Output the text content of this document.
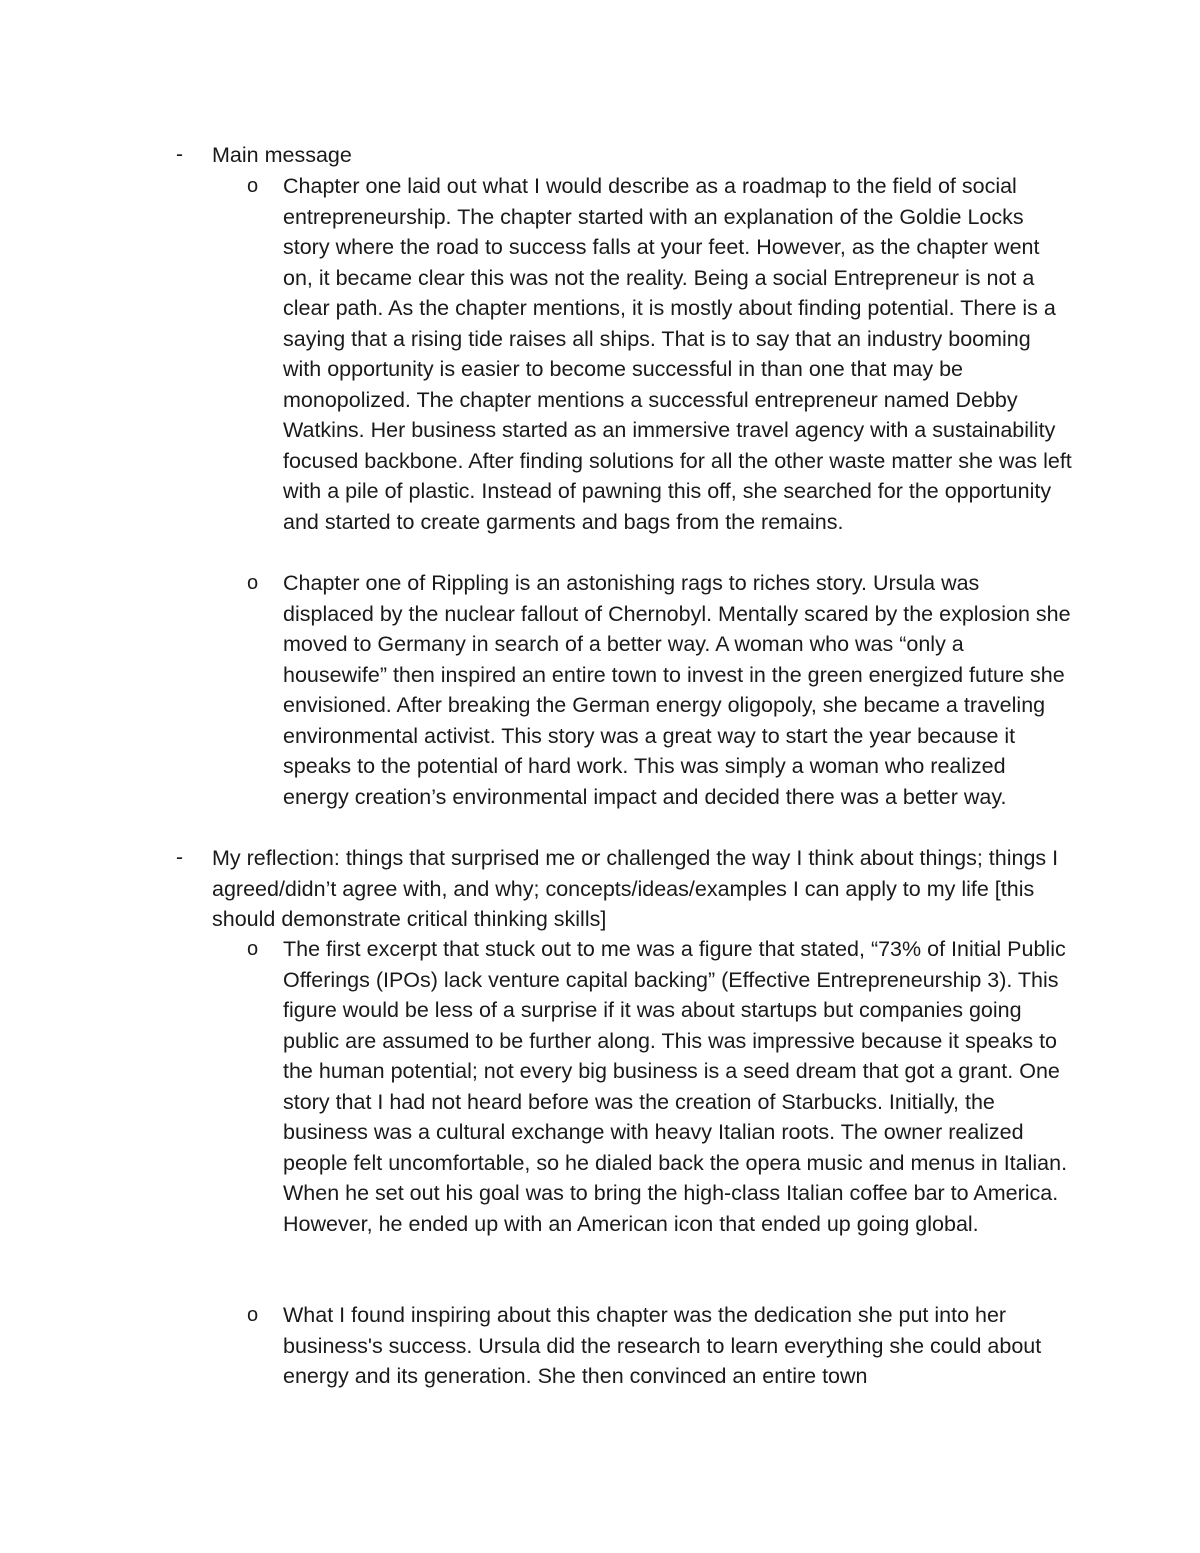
- Main message

o Chapter one laid out what I would describe as a roadmap to the field of social entrepreneurship. The chapter started with an explanation of the Goldie Locks story where the road to success falls at your feet. However, as the chapter went on, it became clear this was not the reality. Being a social Entrepreneur is not a clear path. As the chapter mentions, it is mostly about finding potential. There is a saying that a rising tide raises all ships. That is to say that an industry booming with opportunity is easier to become successful in than one that may be monopolized. The chapter mentions a successful entrepreneur named Debby Watkins. Her business started as an immersive travel agency with a sustainability focused backbone. After finding solutions for all the other waste matter she was left with a pile of plastic. Instead of pawning this off, she searched for the opportunity and started to create garments and bags from the remains.

o Chapter one of Rippling is an astonishing rags to riches story. Ursula was displaced by the nuclear fallout of Chernobyl. Mentally scared by the explosion she moved to Germany in search of a better way. A woman who was “only a housewife” then inspired an entire town to invest in the green energized future she envisioned. After breaking the German energy oligopoly, she became a traveling environmental activist. This story was a great way to start the year because it speaks to the potential of hard work. This was simply a woman who realized energy creation’s environmental impact and decided there was a better way.

- My reflection: things that surprised me or challenged the way I think about things; things I agreed/didn’t agree with, and why; concepts/ideas/examples I can apply to my life [this should demonstrate critical thinking skills]

o The first excerpt that stuck out to me was a figure that stated, “73% of Initial Public Offerings (IPOs) lack venture capital backing” (Effective Entrepreneurship 3). This figure would be less of a surprise if it was about startups but companies going public are assumed to be further along. This was impressive because it speaks to the human potential; not every big business is a seed dream that got a grant. One story that I had not heard before was the creation of Starbucks. Initially, the business was a cultural exchange with heavy Italian roots. The owner realized people felt uncomfortable, so he dialed back the opera music and menus in Italian. When he set out his goal was to bring the high-class Italian coffee bar to America. However, he ended up with an American icon that ended up going global.

o What I found inspiring about this chapter was the dedication she put into her business's success. Ursula did the research to learn everything she could about energy and its generation. She then convinced an entire town
